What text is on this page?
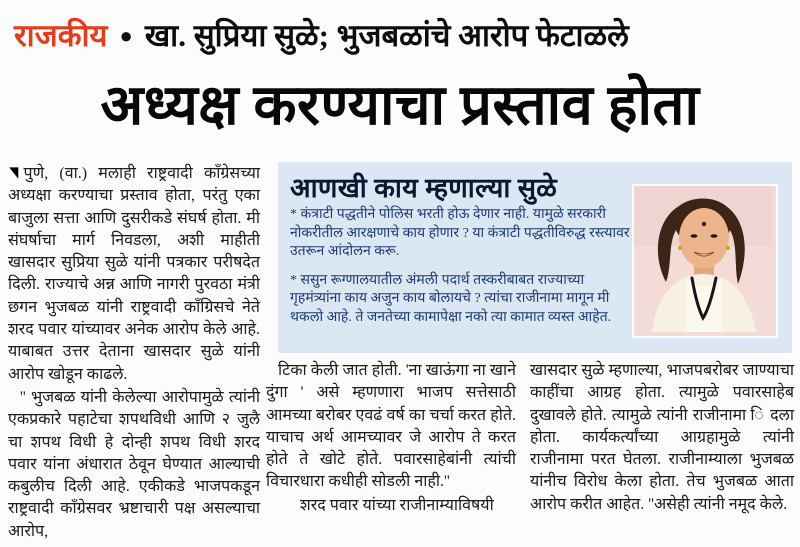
राजकीय ● खा. सुप्रिया सुळे; भुजबळांचे आरोप फेटाळले
अध्यक्ष करण्याचा प्रस्ताव होता

◥ पुणे, (वा.) मलाही राष्ट्रवादी काँग्रेसच्या अध्यक्षा करण्याचा प्रस्ताव होता, परंतु एका बाजुला सत्ता आणि दुसरीकडे संघर्ष होता. मी संघर्षाचा मार्ग निवडला, अशी माहीती खासदार सुप्रिया सुळे यांनी पत्रकार परीषदेत दिली. राज्याचे अन्न आणि नागरी पुरवठा मंत्री छगन भुजबळ यांनी राष्ट्रवादी काँग्रिसचे नेते शरद पवार यांच्यावर अनेक आरोप केले आहे. याबाबत उत्तर देताना खासदार सुळे यांनी आरोप खोडून काढले.

'' भुजबळ यांनी केलेल्या आरोपामुळे त्यांनी एकप्रकारे पहाटेचा शपथविधी आणि २ जुलै चा शपथ विधी हे दोन्ही शपथ विधी शरद पवार यांना अंधारात ठेवून घेण्यात आल्याची कबुलीच दिली आहे. एकीकडे भाजपकडून राष्ट्रवादी काँग्रेसवर भ्रष्टाचारी पक्ष असल्याचा आरोप,

आणखी काय म्हणाल्या सुळे

* कंत्राटी पद्धतीने पोलिस भरती होऊ देणार नाही. यामुळे सरकारी नोकरीतील आरक्षणाचे काय होणार ? या कंत्राटी पद्धतीविरुद्ध रस्त्यावर उतरून आंदोलन करू.

* ससुन रूग्णालयातील अंमली पदार्थ तस्करीबाबत राज्याच्या गृहमंत्र्यांना काय अजुन काय बोलायचे ? त्यांचा राजीनामा मागून मी थकलो आहे. ते जनतेच्या कामापेक्षा नको त्या कामात व्यस्त आहेत.

टिका केली जात होती. 'ना खाऊंगा ना खाने दुंगा ' असे म्हणणारा भाजप सत्तेसाठी आमच्या बरोबर एवढं वर्ष का चर्चा करत होते. याचाच अर्थ आमच्यावर जे आरोप ते करत होते ते खोटे होते. पवारसाहेबांनी त्यांची विचारधारा कधीही सोडली नाही.''

शरद पवार यांच्या राजीनाम्याविषयी

खासदार सुळे म्हणाल्या, भाजपबरोबर जाण्याचा काहींचा आग्रह होता. त्यामुळे पवारसाहेब दुखावले होते. त्यामुळे त्यांनी राजीनामा ि दला होता. कार्यकर्त्यांच्या आग्रहामुळे त्यांनी राजीनामा परत घेतला. राजीनाम्याला भुजबळ यांनीच विरोध केला होता. तेच भुजबळ आता आरोप करीत आहेत. ''असेही त्यांनी नमूद केले.
